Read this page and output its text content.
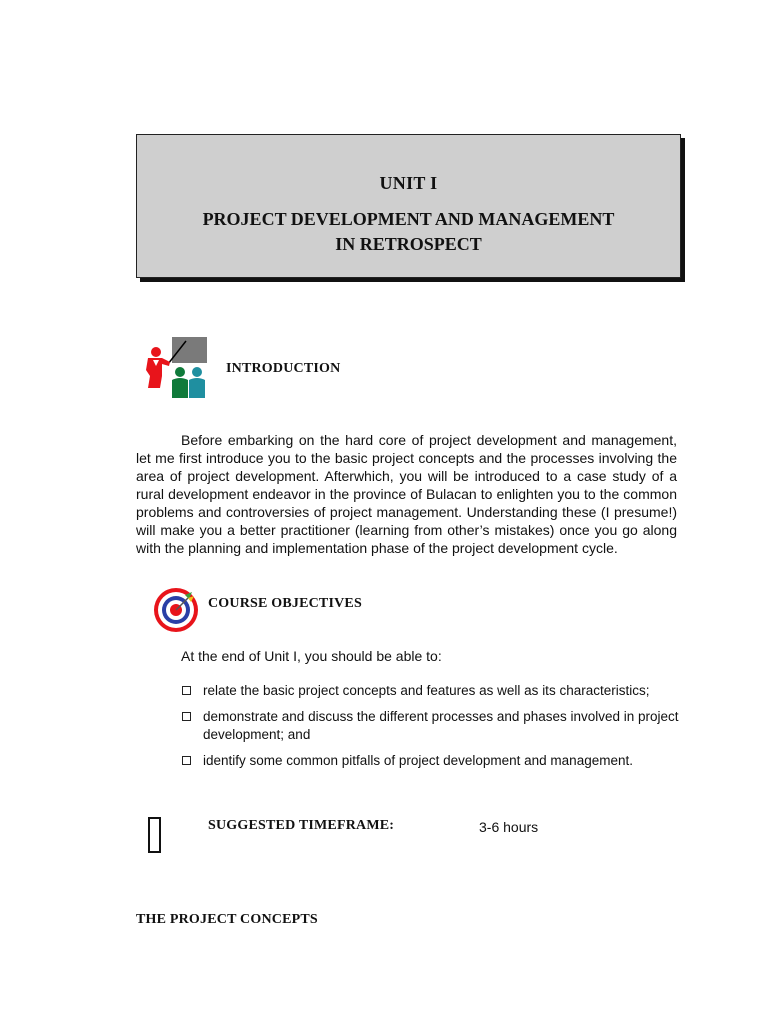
UNIT I
PROJECT DEVELOPMENT AND MANAGEMENT
IN RETROSPECT
INTRODUCTION
Before embarking on the hard core of project development and management, let me first introduce you to the basic project concepts and the processes involving the area of project development. Afterwhich, you will be introduced to a case study of a rural development endeavor in the province of Bulacan to enlighten you to the common problems and controversies of project management. Understanding these (I presume!) will make you a better practitioner (learning from other’s mistakes) once you go along with the planning and implementation phase of the project development cycle.
COURSE OBJECTIVES
At the end of Unit I, you should be able to:
relate the basic project concepts and features as well as its characteristics;
demonstrate and discuss the different processes and phases involved in project development; and
identify some common pitfalls of project development and management.
SUGGESTED TIMEFRAME:	3-6 hours
THE PROJECT CONCEPTS
